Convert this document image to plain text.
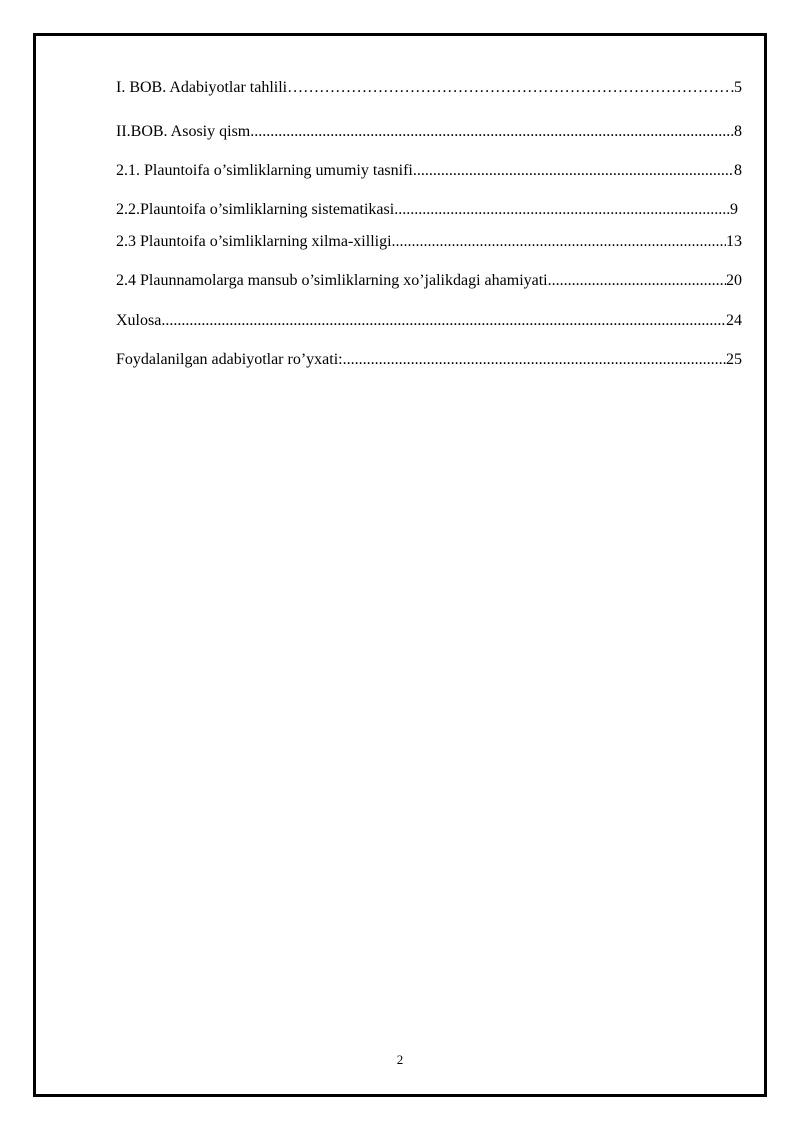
I. BOB. Adabiyotlar tahlili ……………………………………………………………………………………………………………………………………………………………………………	5
II.BOB. Asosiy qism .....	8
2.1. Plauntoifa o’simliklarning umumiy tasnifi .....	8
2.2.Plauntoifa o’simliklarning sistematikasi .....	9
2.3 Plauntoifa o’simliklarning xilma-xilligi .....	13
2.4 Plaunnamolarga mansub o’simliklarning xo’jalikdagi ahamiyati .....	20
Xulosa .....	24
Foydalanilgan adabiyotlar ro’yxati: .....	25
2
